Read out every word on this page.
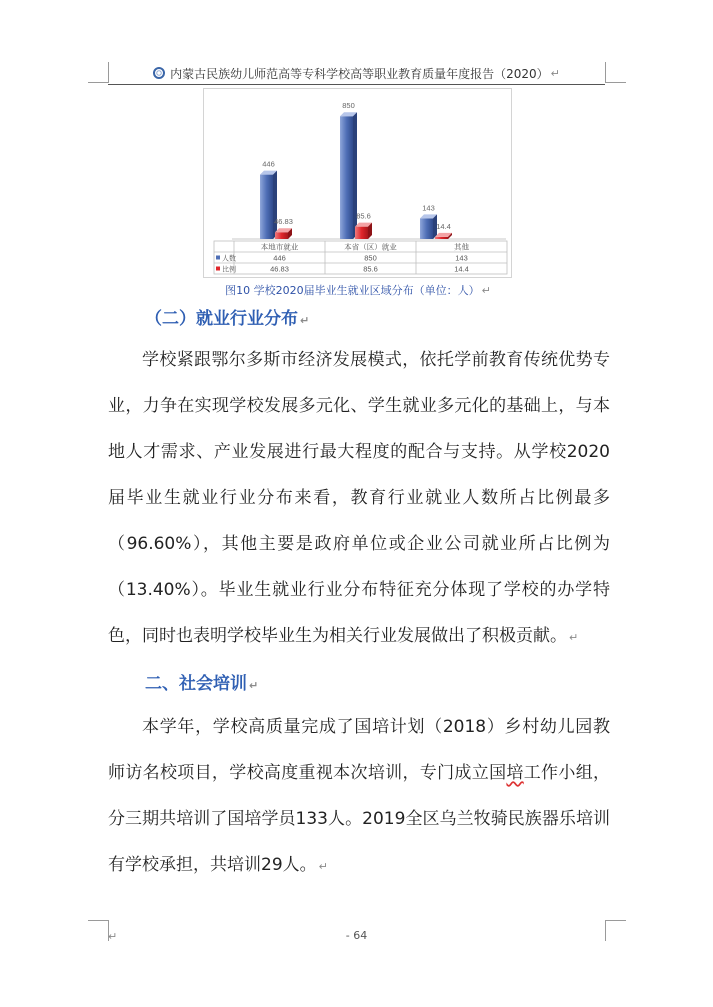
内蒙古民族幼儿师范高等专科学校高等职业教育质量年度报告（2020） ↵
446
46.83
850
85.6
143
14.4
本地市就业	本省（区）就业	其他
人数	446	850	143
比例	46.83	85.6	14.4
图10 学校2020届毕业生就业区域分布（单位：人） ↵
（二）就业行业分布 ↵

学校紧跟鄂尔多斯市经济发展模式，依托学前教育传统优势专业，力争在实现学校发展多元化、学生就业多元化的基础上，与本地人才需求、产业发展进行最大程度的配合与支持。从学校2020届毕业生就业行业分布来看，教育行业就业人数所占比例最多（96.60%），其他主要是政府单位或企业公司就业所占比例为（13.40%）。毕业生就业行业分布特征充分体现了学校的办学特色，同时也表明学校毕业生为相关行业发展做出了积极贡献。 ↵

二、社会培训 ↵

本学年，学校高质量完成了国培计划（2018）乡村幼儿园教师访名校项目，学校高度重视本次培训，专门成立国培工作小组，分三期共培训了国培学员133人。2019全区乌兰牧骑民族器乐培训有学校承担，共培训29人。 ↵

↵	- 64
